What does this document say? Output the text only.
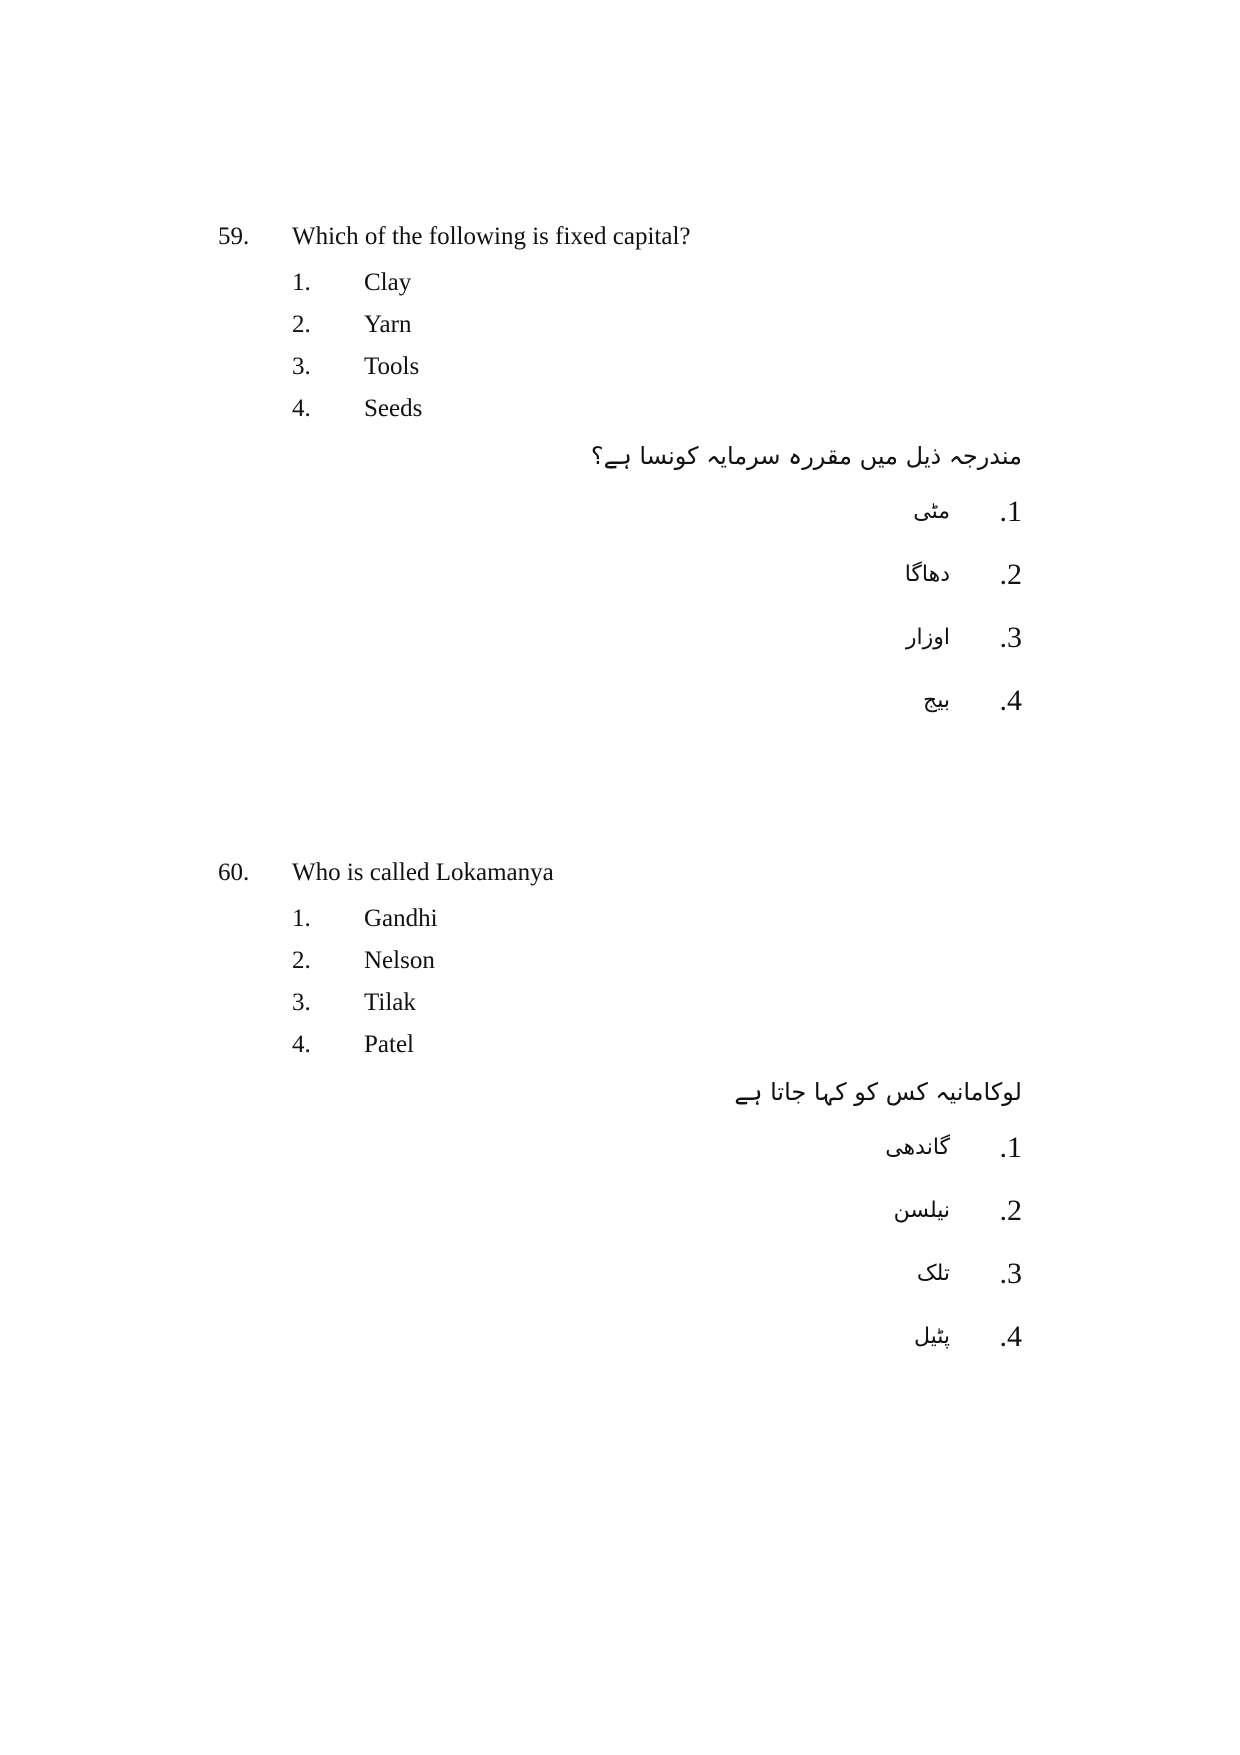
59. Which of the following is fixed capital?
1. Clay
2. Yarn
3. Tools
4. Seeds
مندرجہ ذیل میں مقررہ سرمایہ کونسا ہے؟
.1
مٹی
.2
دھاگا
.3
اوزار
.4
بیج
60. Who is called Lokamanya
1. Gandhi
2. Nelson
3. Tilak
4. Patel
لوکامانیہ کس کو کہا جاتا ہے
.1
گاندھی
.2
نیلسن
.3
تلک
.4
پٹیل
